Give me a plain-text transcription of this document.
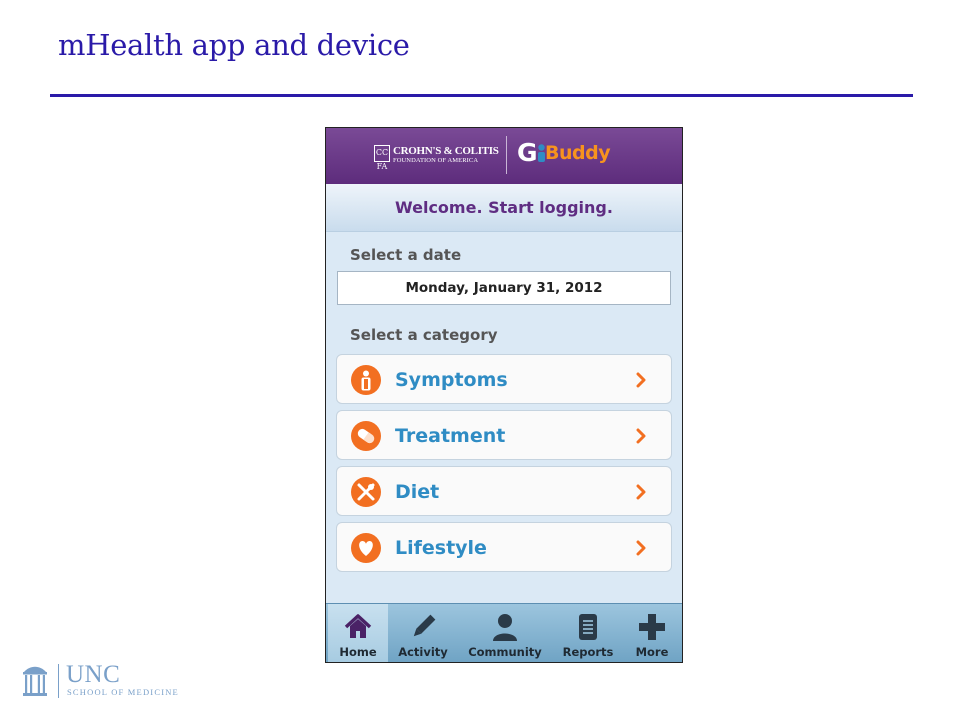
mHealth app and device
CC FA
CROHN'S & COLITIS
FOUNDATION OF AMERICA G Buddy
Welcome. Start logging.
Select a date
Monday, January 31, 2012
Select a category
Symptoms
Treatment
Diet
Lifestyle
Home	Activity	Community	Reports	More
UNC
SCHOOL OF MEDICINE
